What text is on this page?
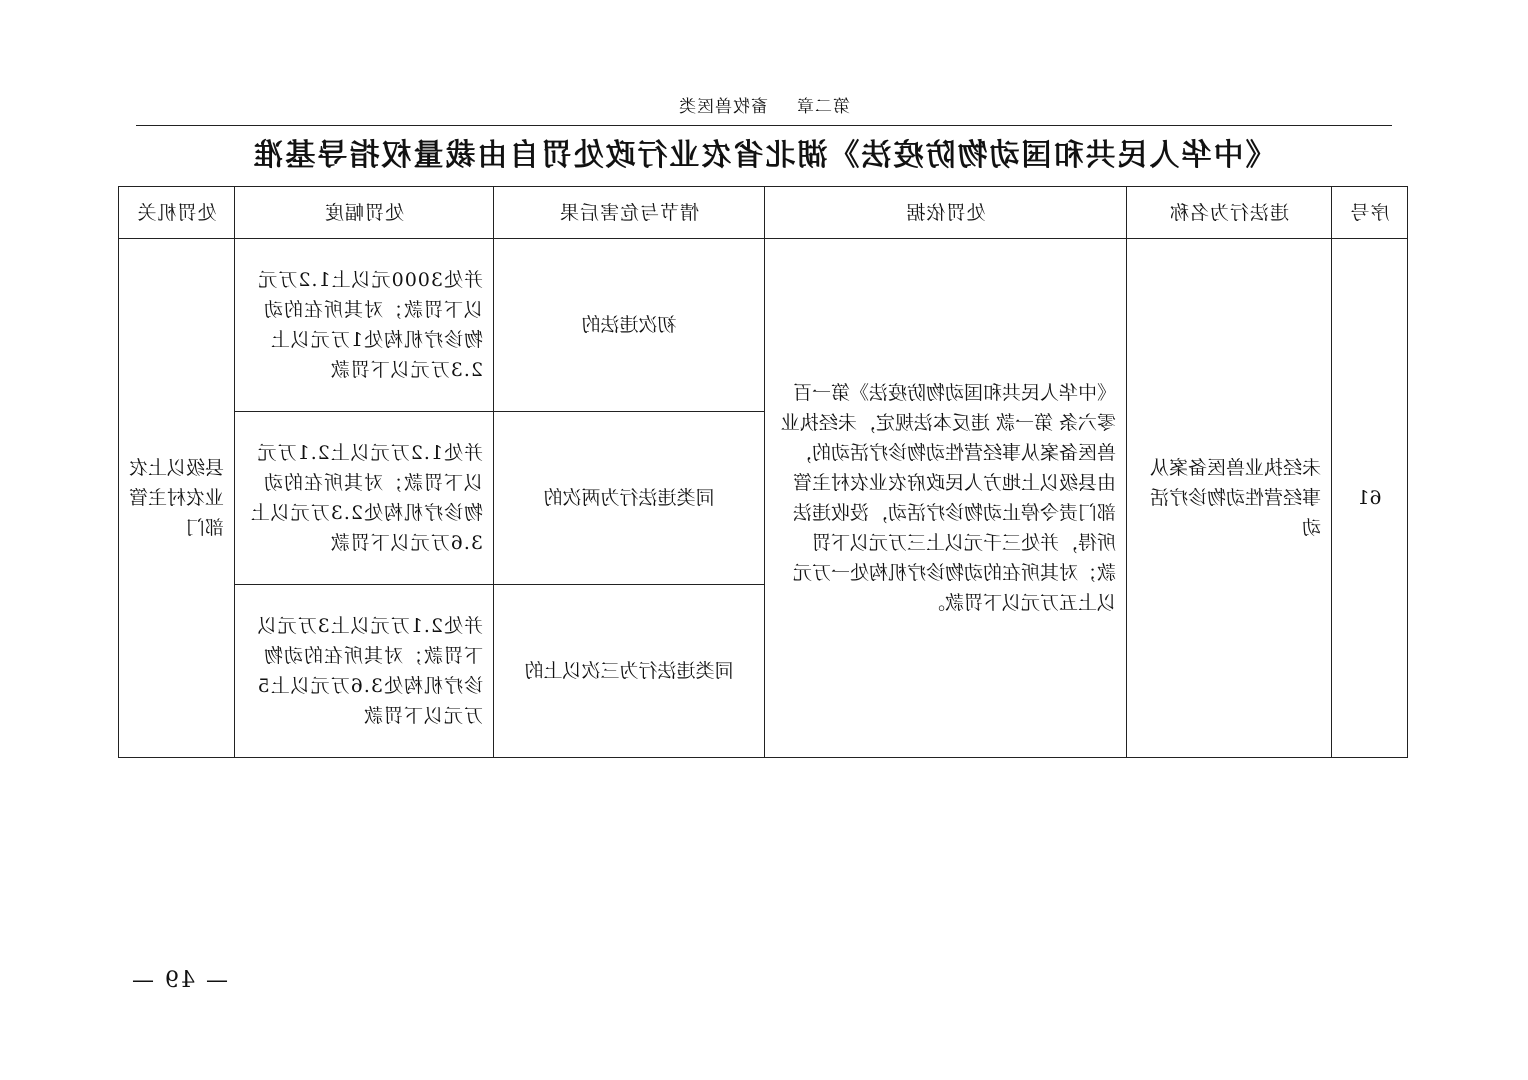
第二章
畜牧兽医类
《中华人民共和国动物防疫法》湖北省农业行政处罚自由裁量权指导基准
序号	违法行为名称	处罚依据	情节与危害后果	处罚幅度	处罚机关
61	未经执业兽医备案从事经营性动物诊疗活动	《中华人民共和国动物防疫法》第一百零六条 第一款 违反本法规定，未经执业兽医备案从事经营性动物诊疗活动的，由县级以上地方人民政府农业农村主管部门责令停止动物诊疗活动，没收违法所得，并处三千元以上三万元以下罚款；对其所在的动物诊疗机构处一万元以上五万元以下罚款。	初次违法的	并处3000元以上1.2万元以下罚款；对其所在的动物诊疗机构处1万元以上2.3万元以下罚款	县级以上农业农村主管部门
			同类违法行为两次的	并处1.2万元以上2.1万元以下罚款；对其所在的动物诊疗机构处2.3万元以上3.6万元以下罚款	
			同类违法行为三次以上的	并处2.1万元以上3万元以下罚款；对其所在的动物诊疗机构处3.6万元以上5万元以下罚款	
— 49 —
